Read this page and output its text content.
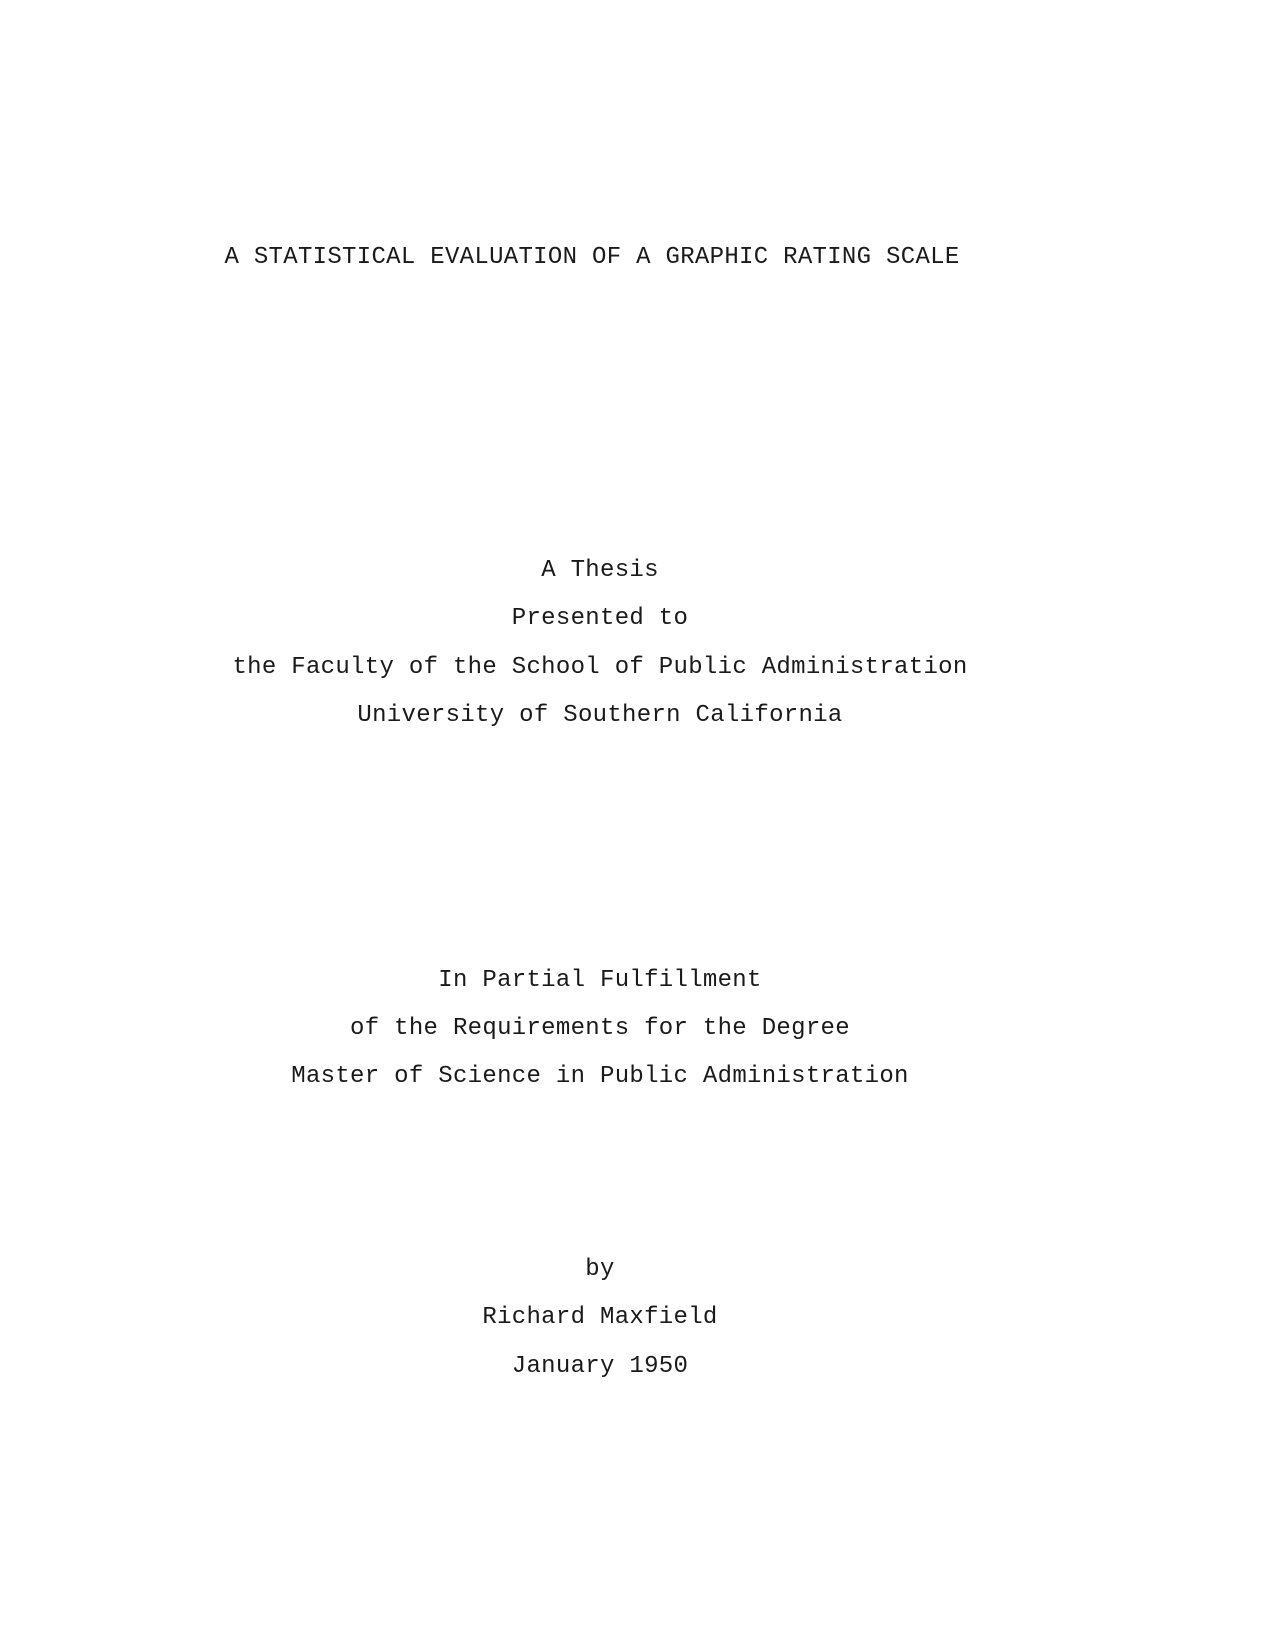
A STATISTICAL EVALUATION OF A GRAPHIC RATING SCALE
A Thesis
Presented to
the Faculty of the School of Public Administration
University of Southern California
In Partial Fulfillment
of the Requirements for the Degree
Master of Science in Public Administration
by
Richard Maxfield
January 1950
